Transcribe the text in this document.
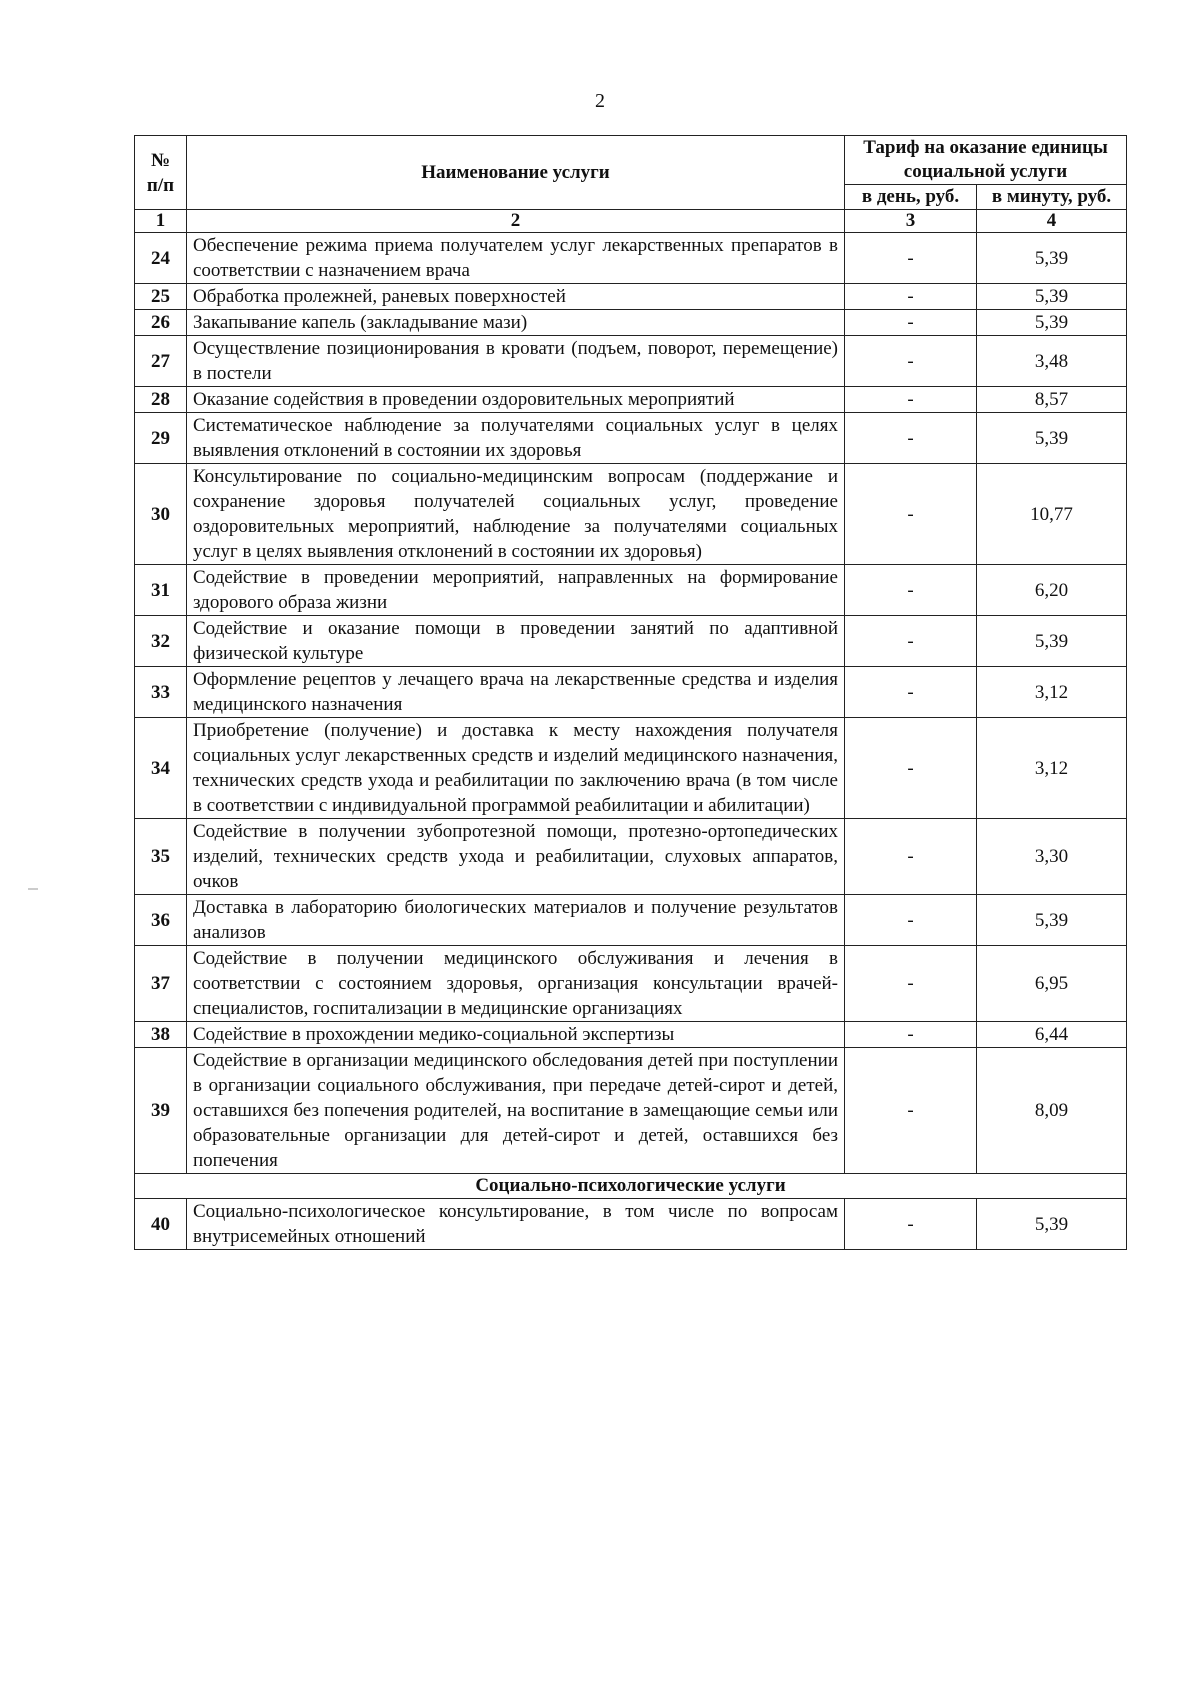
2
№ п/п	Наименование услуги	Тариф на оказание единицы социальной услуги	
		в день, руб.	в минуту, руб.
1	2	3	4
24	Обеспечение режима приема получателем услуг лекарственных препаратов в соответствии с назначением врача	-	5,39
25	Обработка пролежней, раневых поверхностей	-	5,39
26	Закапывание капель (закладывание мази)	-	5,39
27	Осуществление позиционирования в кровати (подъем, поворот, перемещение) в постели	-	3,48
28	Оказание содействия в проведении оздоровительных мероприятий	-	8,57
29	Систематическое наблюдение за получателями социальных услуг в целях выявления отклонений в состоянии их здоровья	-	5,39
30	Консультирование по социально-медицинским вопросам (поддержание и сохранение здоровья получателей социальных услуг, проведение оздоровительных мероприятий, наблюдение за получателями социальных услуг в целях выявления отклонений в состоянии их здоровья)	-	10,77
31	Содействие в проведении мероприятий, направленных на формирование здорового образа жизни	-	6,20
32	Содействие и оказание помощи в проведении занятий по адаптивной физической культуре	-	5,39
33	Оформление рецептов у лечащего врача на лекарственные средства и изделия медицинского назначения	-	3,12
34	Приобретение (получение) и доставка к месту нахождения получателя социальных услуг лекарственных средств и изделий медицинского назначения, технических средств ухода и реабилитации по заключению врача (в том числе в соответствии с индивидуальной программой реабилитации и абилитации)	-	3,12
35	Содействие в получении зубопротезной помощи, протезно-ортопедических изделий, технических средств ухода и реабилитации, слуховых аппаратов, очков	-	3,30
36	Доставка в лабораторию биологических материалов и получение результатов анализов	-	5,39
37	Содействие в получении медицинского обслуживания и лечения в соответствии с состоянием здоровья, организация консультации врачей-специалистов, госпитализации в медицинские организациях	-	6,95
38	Содействие в прохождении медико-социальной экспертизы	-	6,44
39	Содействие в организации медицинского обследования детей при поступлении в организации социального обслуживания, при передаче детей-сирот и детей, оставшихся без попечения родителей, на воспитание в замещающие семьи или образовательные организации для детей-сирот и детей, оставшихся без попечения	-	8,09
Социально-психологические услуги			
40	Социально-психологическое консультирование, в том числе по вопросам внутрисемейных отношений	-	5,39
